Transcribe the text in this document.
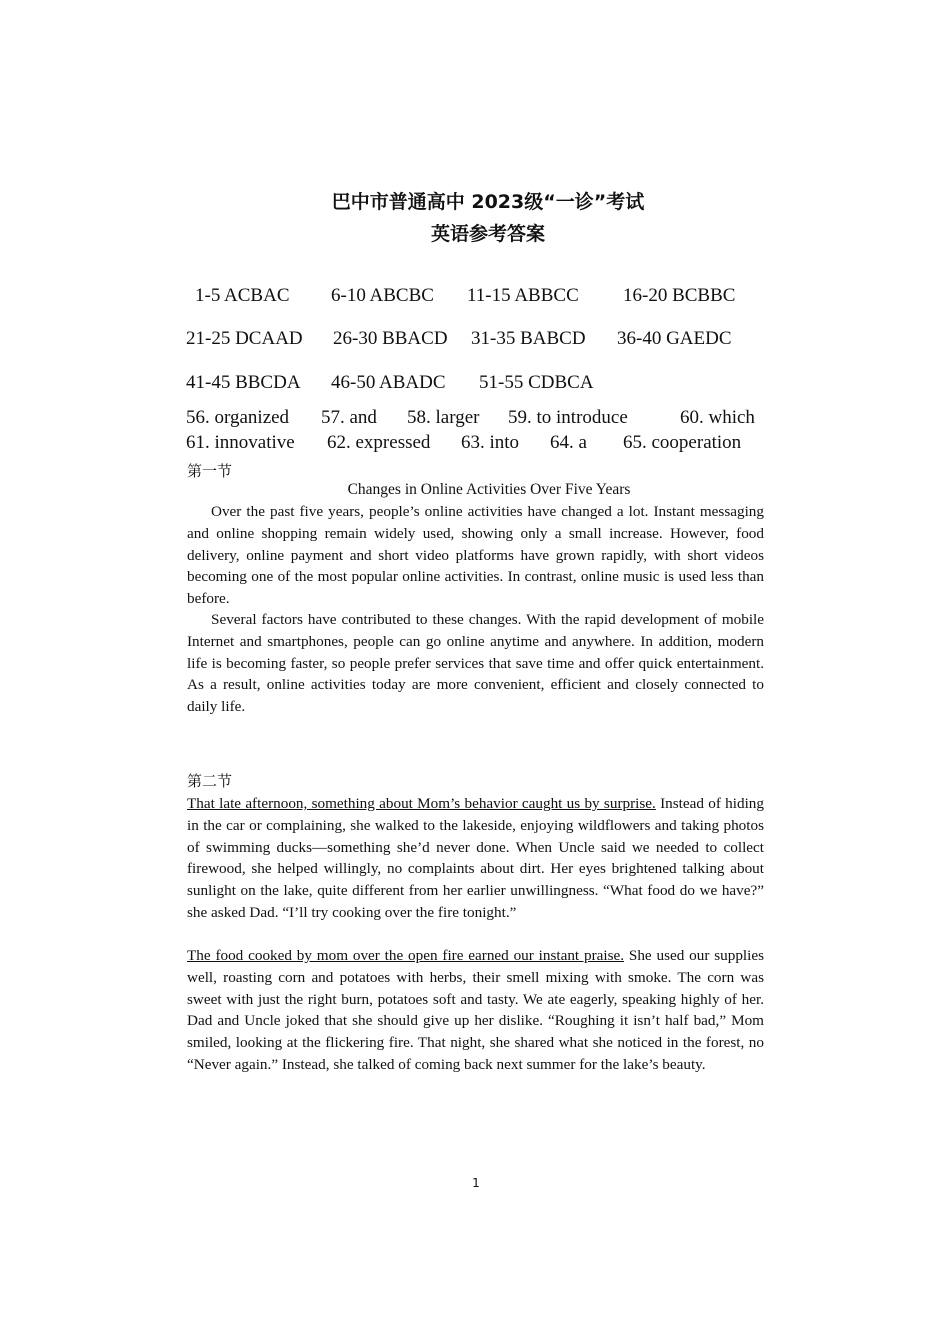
巴中市普通高中 2023级“一诊”考试
英语参考答案
1-5 ACBAC 6-10 ABCBC 11-15 ABBCC 16-20 BCBBC
21-25 DCAAD 26-30 BBACD 31-35 BABCD 36-40 GAEDC
41-45 BBCDA 46-50 ABADC 51-55 CDBCA
56. organized 57. and 58. larger 59. to introduce	60. which
61. innovative 62. expressed 63. into 64. a 65. cooperation
第一节
Changes in Online Activities Over Five Years

Over the past five years, people’s online activities have changed a lot. Instant messaging and online shopping remain widely used, showing only a small increase. However, food delivery, online payment and short video platforms have grown rapidly, with short videos becoming one of the most popular online activities. In contrast, online music is used less than before.

Several factors have contributed to these changes. With the rapid development of mobile Internet and smartphones, people can go online anytime and anywhere. In addition, modern life is becoming faster, so people prefer services that save time and offer quick entertainment. As a result, online activities today are more convenient, efficient and closely connected to daily life.

第二节

That late afternoon, something about Mom’s behavior caught us by surprise. Instead of hiding in the car or complaining, she walked to the lakeside, enjoying wildflowers and taking photos of swimming ducks—something she’d never done. When Uncle said we needed to collect firewood, she helped willingly, no complaints about dirt. Her eyes brightened talking about sunlight on the lake, quite different from her earlier unwillingness. “What food do we have?” she asked Dad. “I’ll try cooking over the fire tonight.”

The food cooked by mom over the open fire earned our instant praise. She used our supplies well, roasting corn and potatoes with herbs, their smell mixing with smoke. The corn was sweet with just the right burn, potatoes soft and tasty. We ate eagerly, speaking highly of her. Dad and Uncle joked that she should give up her dislike. “Roughing it isn’t half bad,” Mom smiled, looking at the flickering fire. That night, she shared what she noticed in the forest, no “Never again.” Instead, she talked of coming back next summer for the lake’s beauty.

1
